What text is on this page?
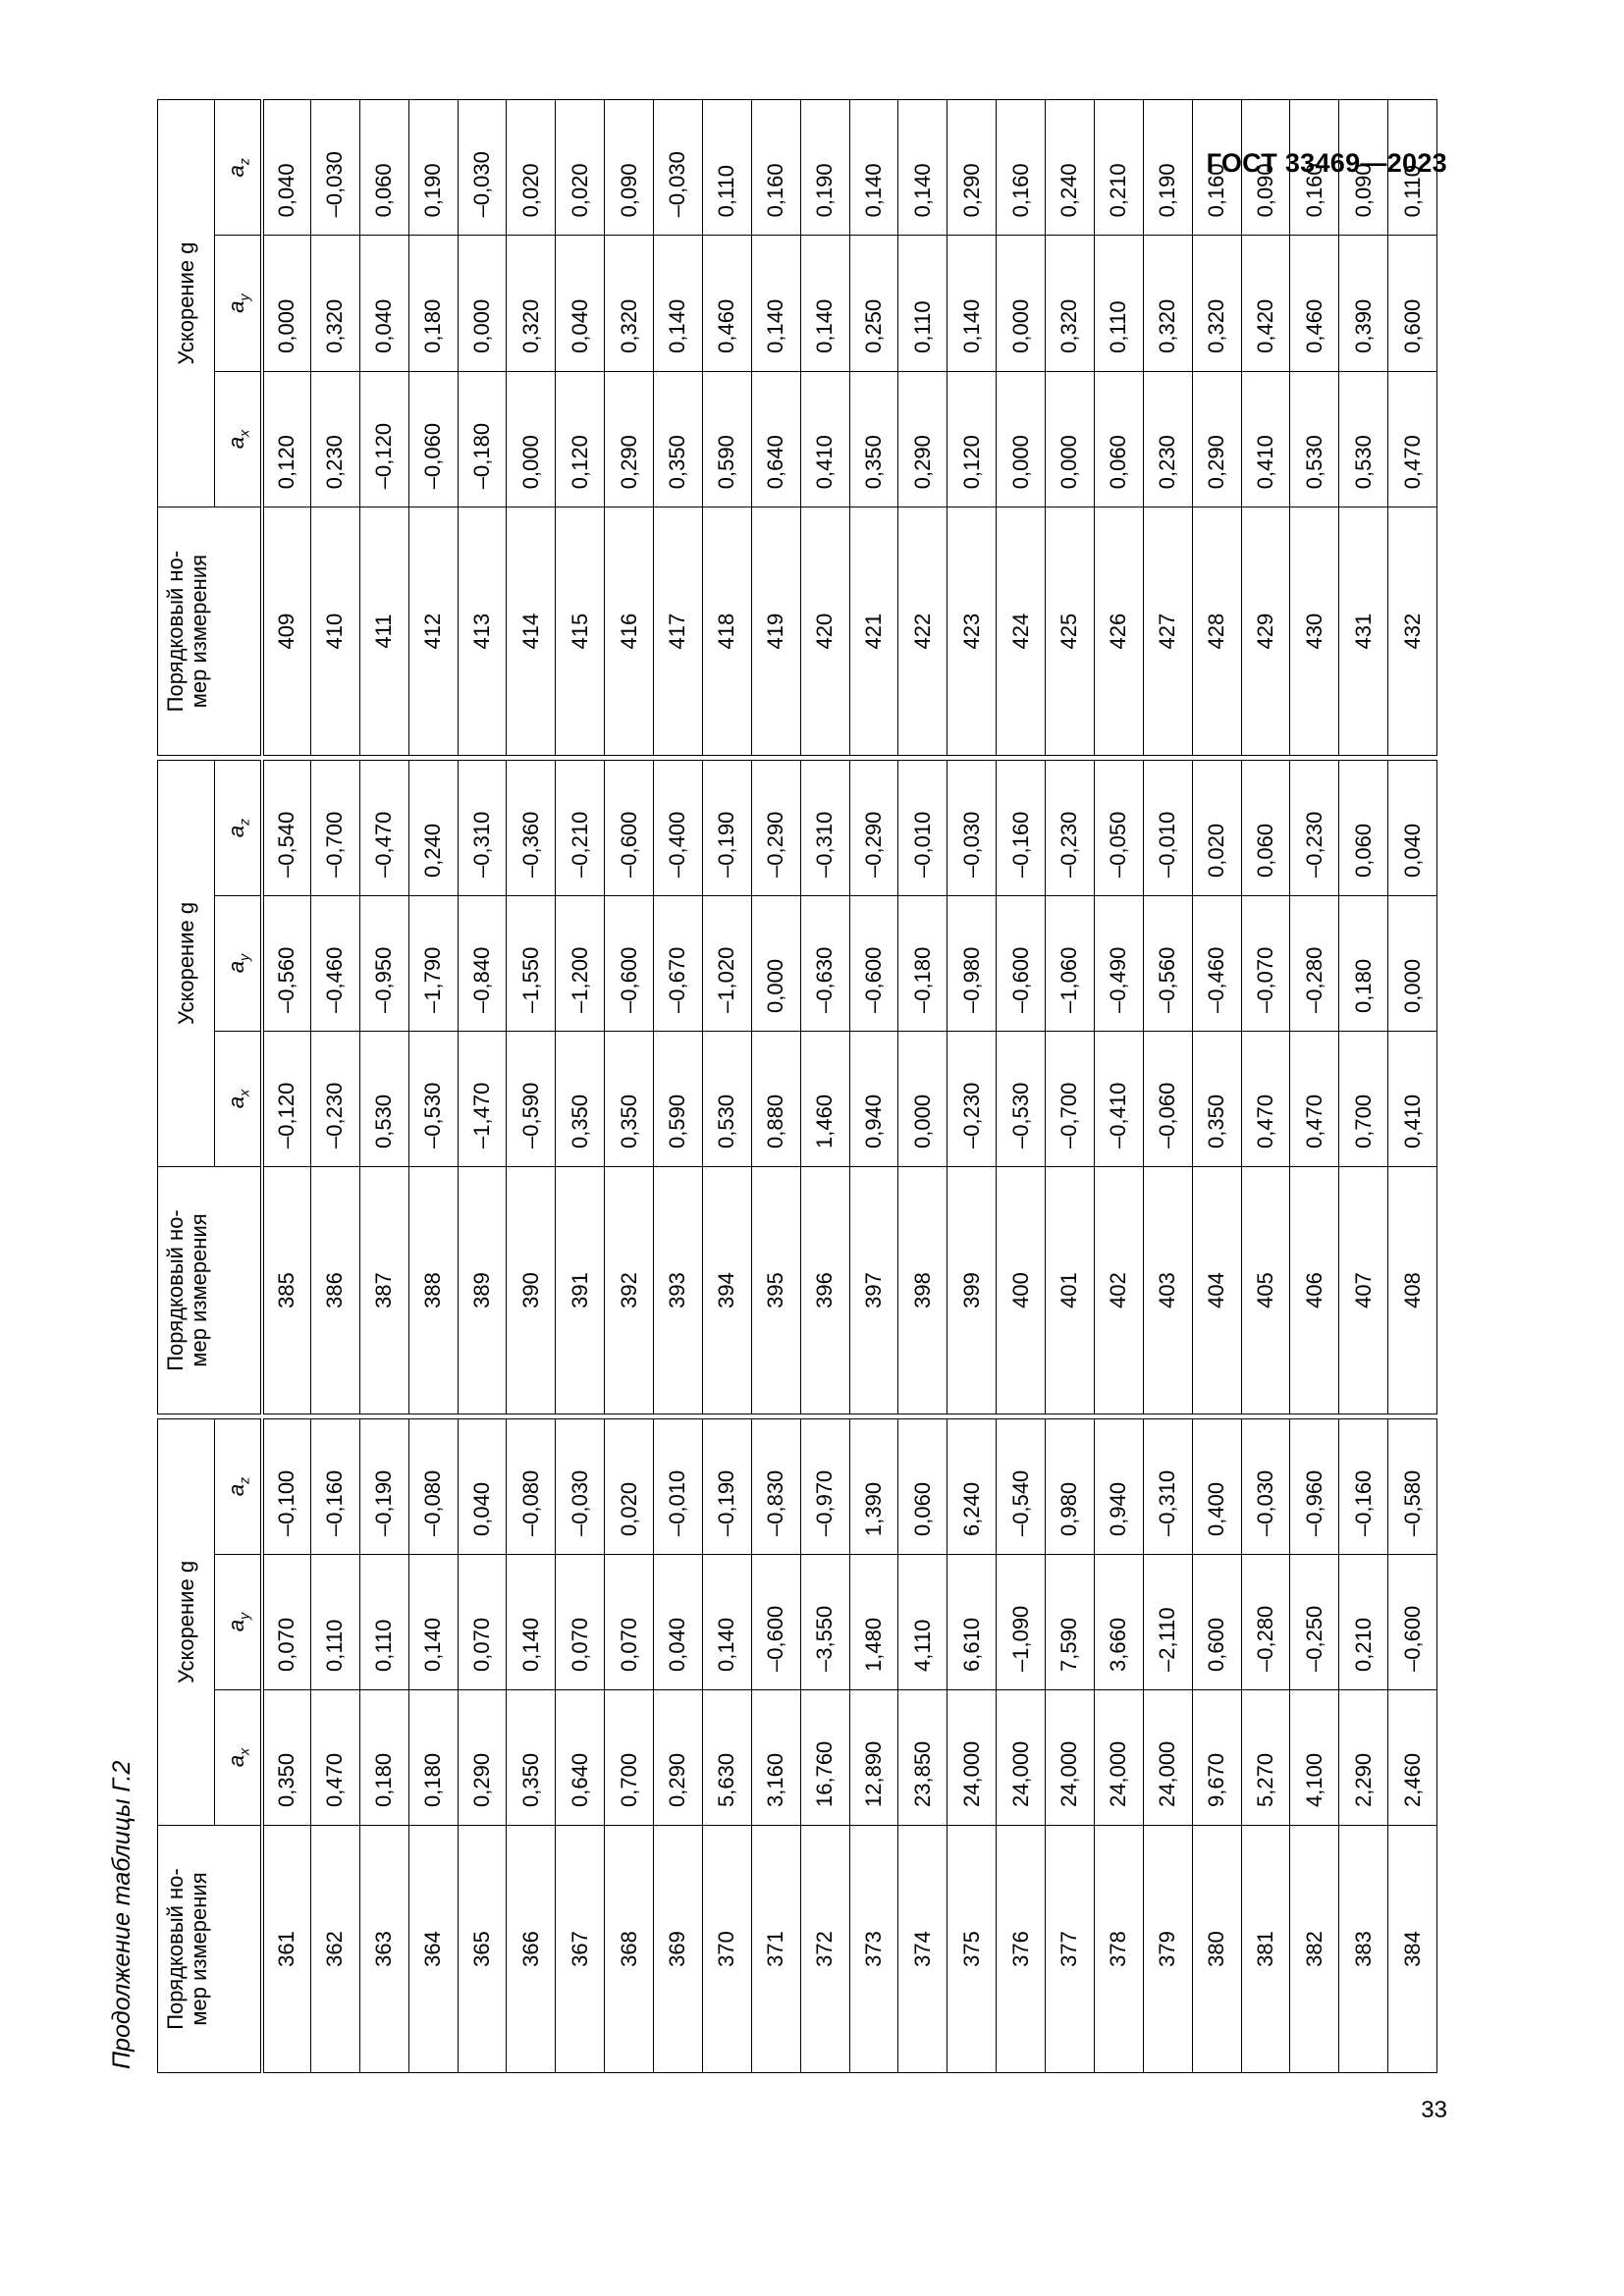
ГОСТ 33469—2023
Продолжение таблицы Г.2 Порядковый но- мер измерения	Ускорение g		
	$a_x$	$a_y$	$a_z$
361	0,350	0,070	–0,100
362	0,470	0,110	–0,160
363	0,180	0,110	–0,190
364	0,180	0,140	–0,080
365	0,290	0,070	0,040
366	0,350	0,140	–0,080
367	0,640	0,070	–0,030
368	0,700	0,070	0,020
369	0,290	0,040	–0,010
370	5,630	0,140	–0,190
371	3,160	–0,600	–0,830
372	16,760	–3,550	–0,970
373	12,890	1,480	1,390
374	23,850	4,110	0,060
375	24,000	6,610	6,240
376	24,000	–1,090	–0,540
377	24,000	7,590	0,980
378	24,000	3,660	0,940
379	24,000	–2,110	–0,310
380	9,670	0,600	0,400
381	5,270	–0,280	–0,030
382	4,100	–0,250	–0,960
383	2,290	0,210	–0,160
384	2,460	–0,600	–0,580
Порядковый но- мер измерения	Ускорение g		
	$a_x$	$a_y$	$a_z$
385	–0,120	–0,560	–0,540
386	–0,230	–0,460	–0,700
387	0,530	–0,950	–0,470
388	–0,530	–1,790	0,240
389	–1,470	–0,840	–0,310
390	–0,590	–1,550	–0,360
391	0,350	–1,200	–0,210
392	0,350	–0,600	–0,600
393	0,590	–0,670	–0,400
394	0,530	–1,020	–0,190
395	0,880	0,000	–0,290
396	1,460	–0,630	–0,310
397	0,940	–0,600	–0,290
398	0,000	–0,180	–0,010
399	–0,230	–0,980	–0,030
400	–0,530	–0,600	–0,160
401	–0,700	–1,060	–0,230
402	–0,410	–0,490	–0,050
403	–0,060	–0,560	–0,010
404	0,350	–0,460	0,020
405	0,470	–0,070	0,060
406	0,470	–0,280	–0,230
407	0,700	0,180	0,060
408	0,410	0,000	0,040
Порядковый но- мер измерения	Ускорение g		
	$a_x$	$a_y$	$a_z$
409	0,120	0,000	0,040
410	0,230	0,320	–0,030
411	–0,120	0,040	0,060
412	–0,060	0,180	0,190
413	–0,180	0,000	–0,030
414	0,000	0,320	0,020
415	0,120	0,040	0,020
416	0,290	0,320	0,090
417	0,350	0,140	–0,030
418	0,590	0,460	0,110
419	0,640	0,140	0,160
420	0,410	0,140	0,190
421	0,350	0,250	0,140
422	0,290	0,110	0,140
423	0,120	0,140	0,290
424	0,000	0,000	0,160
425	0,000	0,320	0,240
426	0,060	0,110	0,210
427	0,230	0,320	0,190
428	0,290	0,320	0,160
429	0,410	0,420	0,090
430	0,530	0,460	0,160
431	0,530	0,390	0,090
432	0,470	0,600	0,110
33
